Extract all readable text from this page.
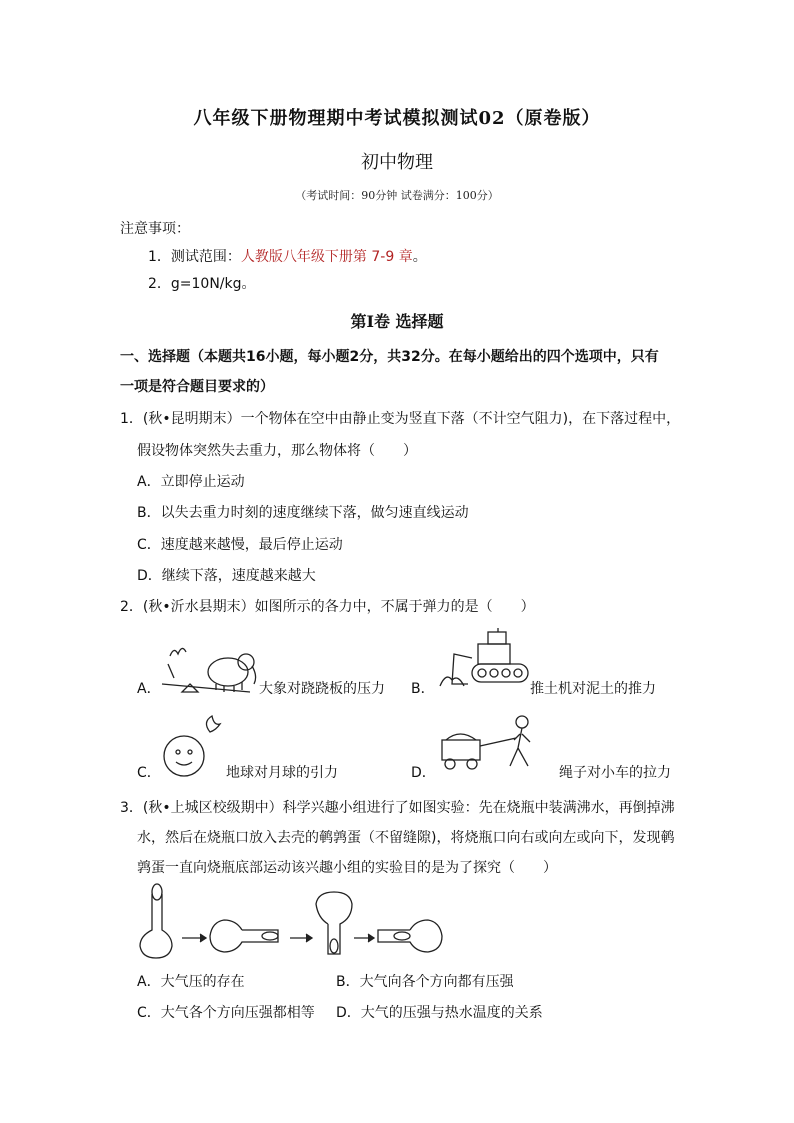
八年级下册物理期中考试模拟测试02（原卷版）
初中物理
（考试时间：90分钟 试卷满分：100分）
注意事项：
1．测试范围：人教版八年级下册第 7-9 章。
2．g=10N/kg。
第Ⅰ卷 选择题
一、选择题（本题共16小题，每小题2分，共32分。在每小题给出的四个选项中，只有
一项是符合题目要求的）
1．(秋•昆明期末）一个物体在空中由静止变为竖直下落（不计空气阻力)，在下落过程中，
假设物体突然失去重力，那么物体将（　　）
A．立即停止运动
B．以失去重力时刻的速度继续下落，做匀速直线运动
C．速度越来越慢，最后停止运动
D．继续下落，速度越来越大
2．(秋•沂水县期末）如图所示的各力中，不属于弹力的是（　　）
A．	大象对跷跷板的压力 B．	推土机对泥土的推力
C．	地球对月球的引力	D．	绳子对小车的拉力
3．(秋•上城区校级期中）科学兴趣小组进行了如图实验：先在烧瓶中装满沸水，再倒掉沸
水，然后在烧瓶口放入去壳的鹌鹑蛋（不留缝隙)，将烧瓶口向右或向左或向下，发现鹌
鹑蛋一直向烧瓶底部运动该兴趣小组的实验目的是为了探究（　　）
A．大气压的存在	B．大气向各个方向都有压强
C．大气各个方向压强都相等 D．大气的压强与热水温度的关系
